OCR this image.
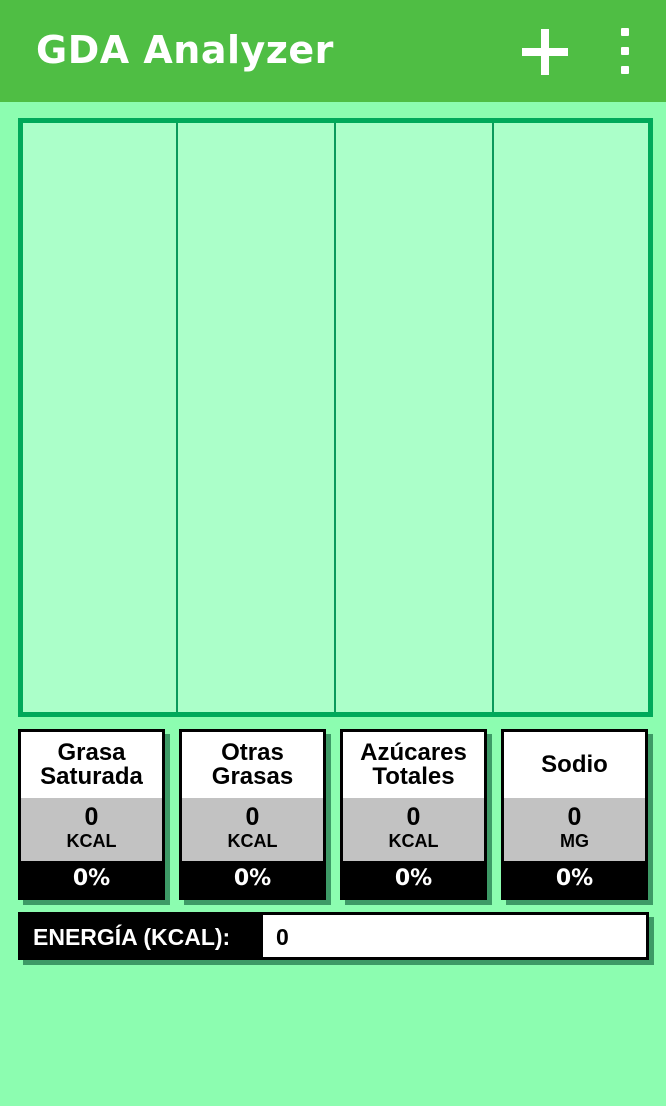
GDA Analyzer
Grasa Saturada
0
KCAL
0%
Otras Grasas
0
KCAL
0%
Azúcares Totales
0
KCAL
0%
Sodio
0
MG
0%
ENERGÍA (KCAL):	0
